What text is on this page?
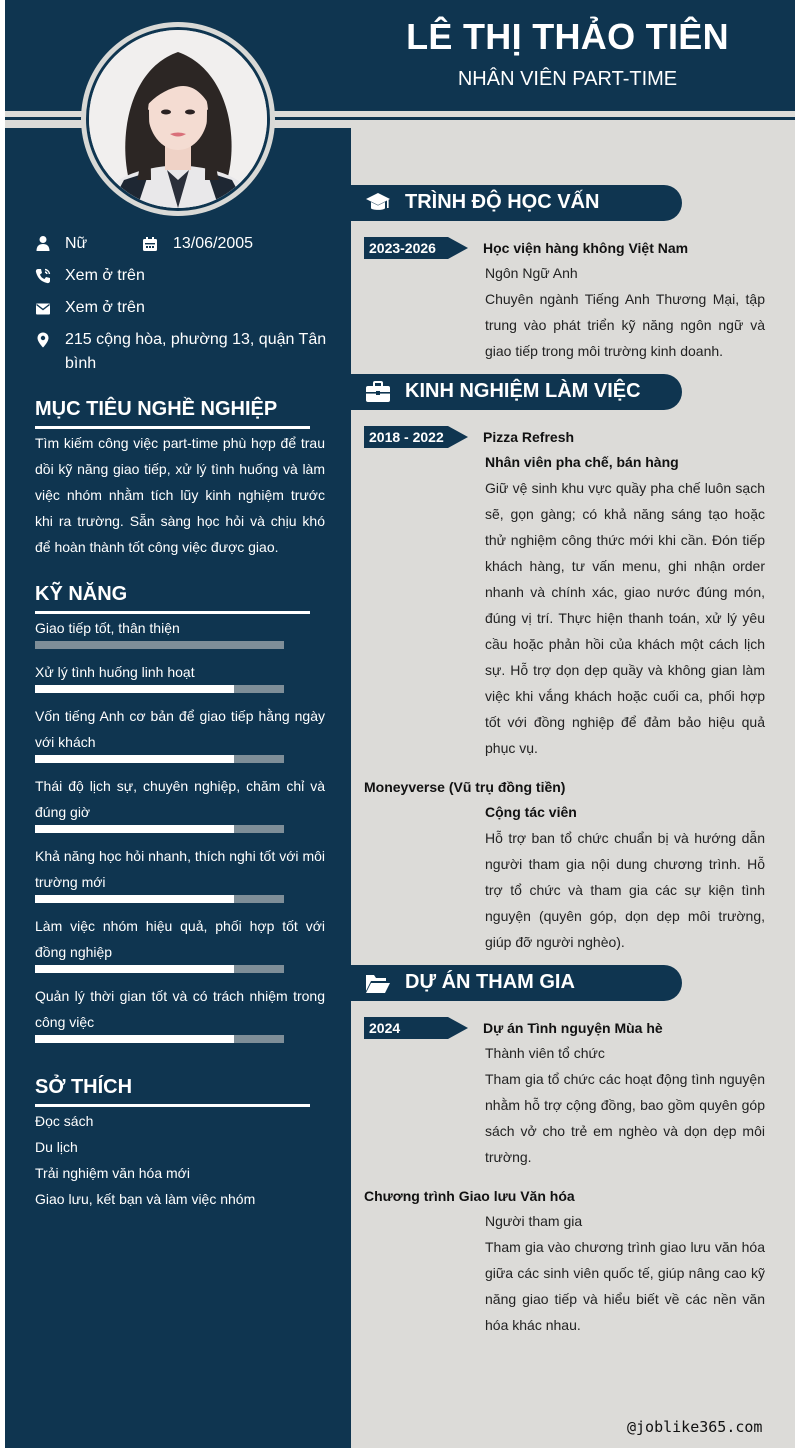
LÊ THỊ THẢO TIÊN
NHÂN VIÊN PART-TIME
Nữ	13/06/2005
Xem ở trên
Xem ở trên
215 cộng hòa, phường 13, quận Tân bình
MỤC TIÊU NGHỀ NGHIỆP
Tìm kiếm công việc part-time phù hợp để trau dồi kỹ năng giao tiếp, xử lý tình huống và làm việc nhóm nhằm tích lũy kinh nghiệm trước khi ra trường. Sẵn sàng học hỏi và chịu khó để hoàn thành tốt công việc được giao.
KỸ NĂNG
Giao tiếp tốt, thân thiện
Xử lý tình huống linh hoạt
Vốn tiếng Anh cơ bản để giao tiếp hằng ngày với khách
Thái độ lịch sự, chuyên nghiệp, chăm chỉ và đúng giờ
Khả năng học hỏi nhanh, thích nghi tốt với môi trường mới
Làm việc nhóm hiệu quả, phối hợp tốt với đồng nghiệp
Quản lý thời gian tốt và có trách nhiệm trong công việc
SỞ THÍCH
Đọc sách
Du lịch
Trải nghiệm văn hóa mới
Giao lưu, kết bạn và làm việc nhóm
TRÌNH ĐỘ HỌC VẤN
2023-2026	Học viện hàng không Việt Nam
Ngôn Ngữ Anh
Chuyên ngành Tiếng Anh Thương Mại, tập trung vào phát triển kỹ năng ngôn ngữ và giao tiếp trong môi trường kinh doanh.
KINH NGHIỆM LÀM VIỆC
2018 - 2022	Pizza Refresh
Nhân viên pha chế, bán hàng
Giữ vệ sinh khu vực quầy pha chế luôn sạch sẽ, gọn gàng; có khả năng sáng tạo hoặc thử nghiệm công thức mới khi cần. Đón tiếp khách hàng, tư vấn menu, ghi nhận order nhanh và chính xác, giao nước đúng món, đúng vị trí. Thực hiện thanh toán, xử lý yêu cầu hoặc phản hồi của khách một cách lịch sự. Hỗ trợ dọn dẹp quầy và không gian làm việc khi vắng khách hoặc cuối ca, phối hợp tốt với đồng nghiệp để đảm bảo hiệu quả phục vụ.
Moneyverse (Vũ trụ đồng tiền)
Cộng tác viên
Hỗ trợ ban tổ chức chuẩn bị và hướng dẫn người tham gia nội dung chương trình. Hỗ trợ tổ chức và tham gia các sự kiện tình nguyện (quyên góp, dọn dẹp môi trường, giúp đỡ người nghèo).
DỰ ÁN THAM GIA
2024	Dự án Tình nguyện Mùa hè
Thành viên tổ chức
Tham gia tổ chức các hoạt động tình nguyện nhằm hỗ trợ cộng đồng, bao gồm quyên góp sách vở cho trẻ em nghèo và dọn dẹp môi trường.
Chương trình Giao lưu Văn hóa
Người tham gia
Tham gia vào chương trình giao lưu văn hóa giữa các sinh viên quốc tế, giúp nâng cao kỹ năng giao tiếp và hiểu biết về các nền văn hóa khác nhau.
@joblike365.com
